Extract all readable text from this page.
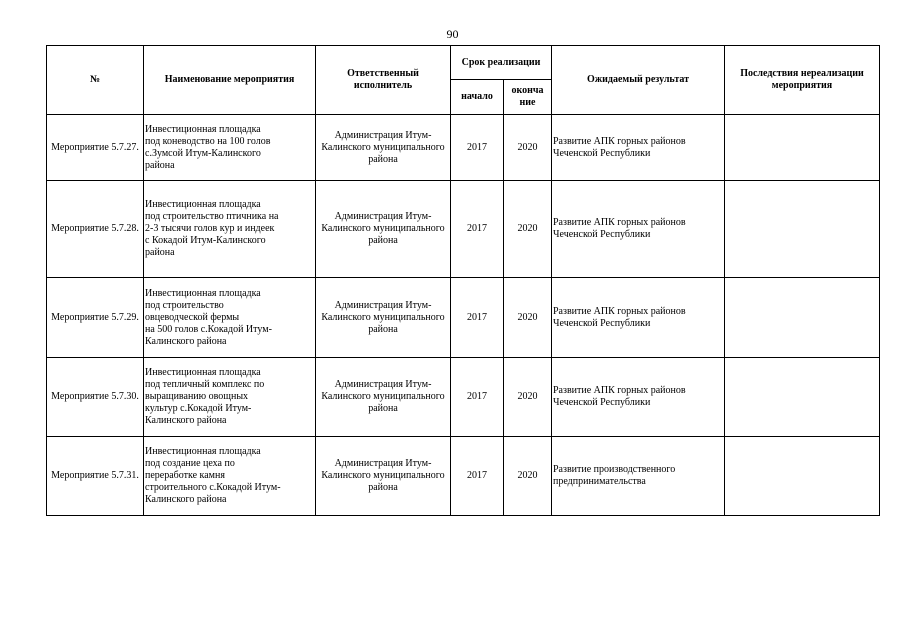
90
№	Наименование мероприятия	Ответственный исполнитель	Срок реализации		Ожидаемый результат	Последствия нереализации мероприятия
			начало	оконча ние		
Мероприятие 5.7.27.	Инвестиционная площадка
под коневодство на 100 голов
с.Зумсой Итум-Калинского
района	Администрация Итум-Калинского муниципального района	2017	2020	Развитие АПК горных районов
Чеченской Республики	

Мероприятие 5.7.28.	Инвестиционная площадка
под строительство птичника на
2-3 тысячи голов кур и индеек
с Кокадой Итум-Калинского
района	Администрация Итум-Калинского муниципального района	2017	2020	Развитие АПК горных районов
Чеченской Республики	

Мероприятие 5.7.29.	Инвестиционная площадка
под строительство
овцеводческой фермы
на 500 голов с.Кокадой Итум-
Калинского района	Администрация Итум-Калинского муниципального района	2017	2020	Развитие АПК горных районов
Чеченской Республики	

Мероприятие 5.7.30.	Инвестиционная площадка
под тепличный комплекс по
выращиванию овощных
культур с.Кокадой Итум-
Калинского района	Администрация Итум-Калинского муниципального района	2017	2020	Развитие АПК горных районов
Чеченской Республики	

Мероприятие 5.7.31.	Инвестиционная площадка
под создание цеха по
переработке камня
строительного с.Кокадой Итум-
Калинского района	Администрация Итум-Калинского муниципального района	2017	2020	Развитие производственного
предпринимательства	
